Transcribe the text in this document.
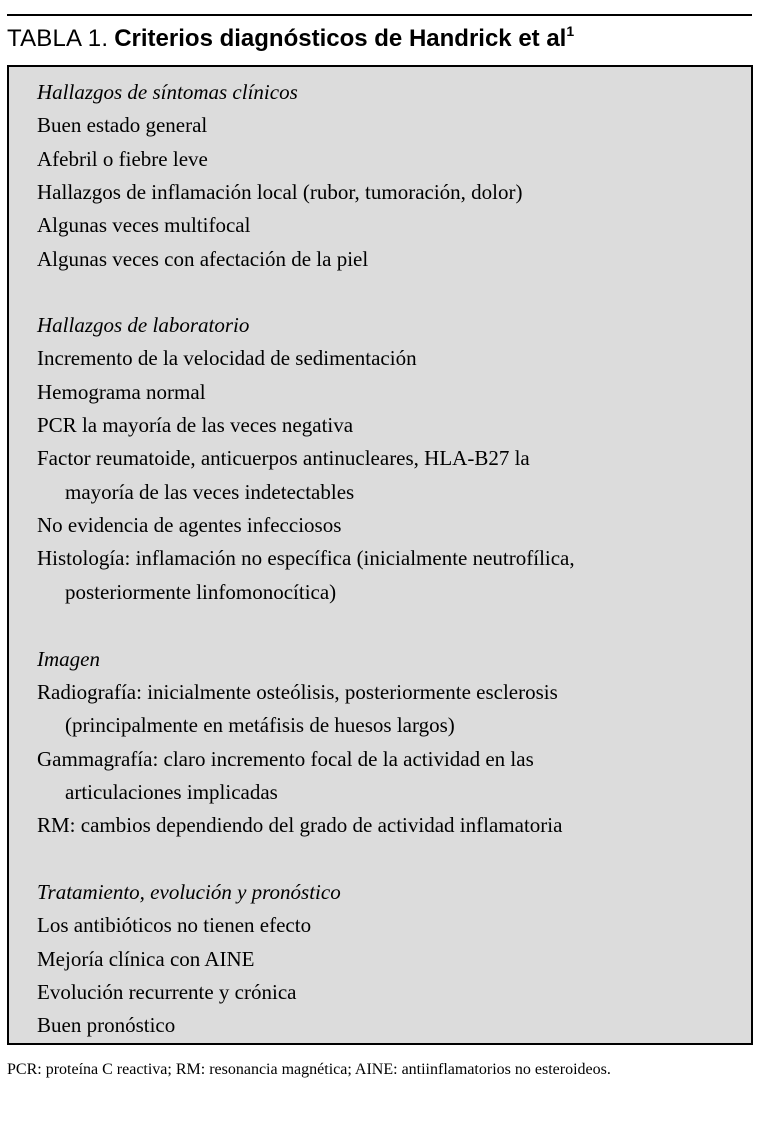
TABLA 1. Criterios diagnósticos de Handrick et $al^1$
Hallazgos de síntomas clínicos
Buen estado general
Afebril o fiebre leve
Hallazgos de inflamación local (rubor, tumoración, dolor)
Algunas veces multifocal
Algunas veces con afectación de la piel
Hallazgos de laboratorio
Incremento de la velocidad de sedimentación
Hemograma normal
PCR la mayoría de las veces negativa
Factor reumatoide, anticuerpos antinucleares, HLA-B27 la
mayoría de las veces indetectables
No evidencia de agentes infecciosos
Histología: inflamación no específica (inicialmente neutrofílica,
posteriormente linfomonocítica)
Imagen
Radiografía: inicialmente osteólisis, posteriormente esclerosis
(principalmente en metáfisis de huesos largos)
Gammagrafía: claro incremento focal de la actividad en las
articulaciones implicadas
RM: cambios dependiendo del grado de actividad inflamatoria
Tratamiento, evolución y pronóstico
Los antibióticos no tienen efecto
Mejoría clínica con AINE
Evolución recurrente y crónica
Buen pronóstico
PCR: proteína C reactiva; RM: resonancia magnética; AINE: antiinflamatorios no esteroideos.
